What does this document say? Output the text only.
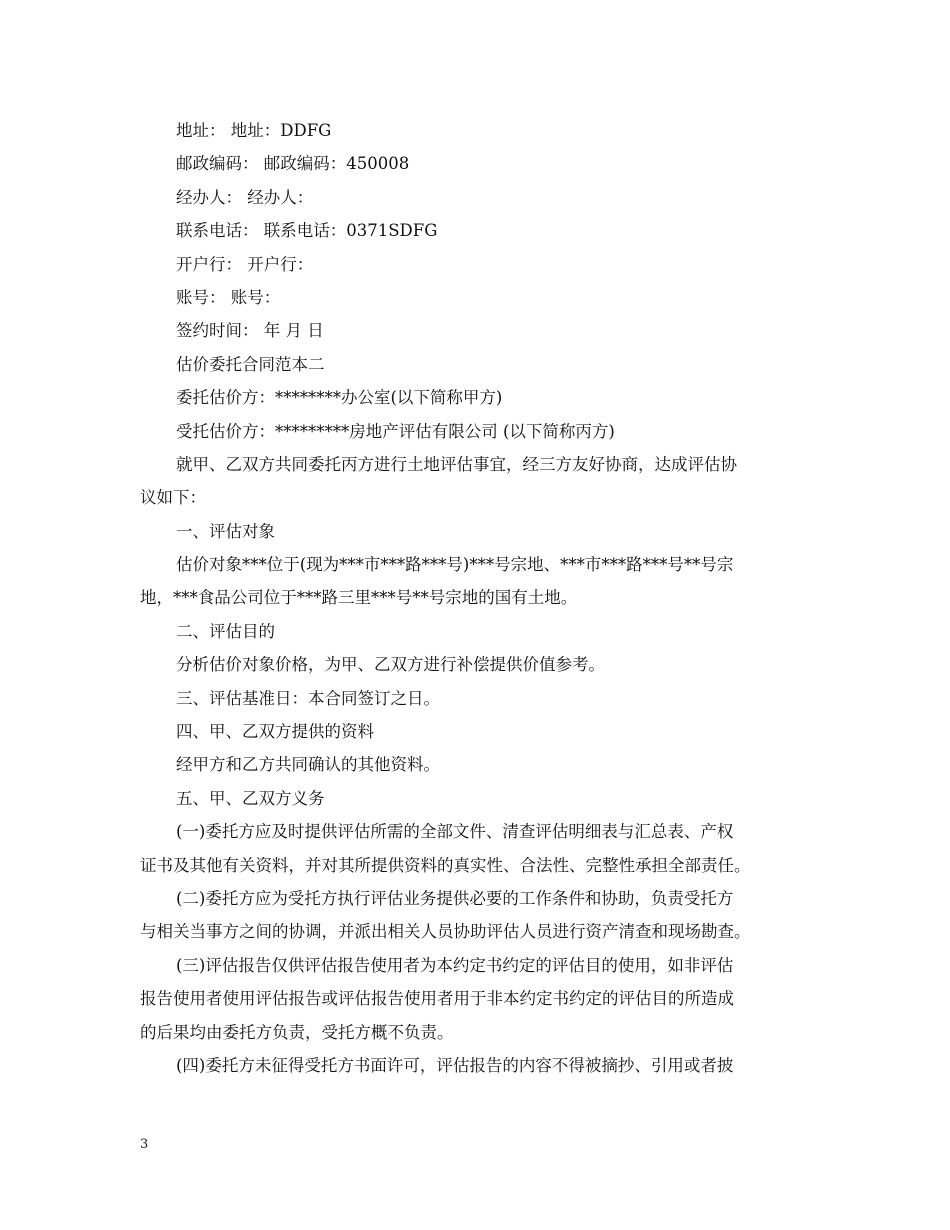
地址： 地址：DDFG
邮政编码： 邮政编码：450008
经办人： 经办人：
联系电话： 联系电话：0371SDFG
开户行： 开户行：
账号： 账号：
签约时间： 年 月 日
估价委托合同范本二
委托估价方：********办公室(以下简称甲方)
受托估价方：*********房地产评估有限公司 (以下简称丙方)
就甲、乙双方共同委托丙方进行土地评估事宜，经三方友好协商，达成评估协
议如下：
一、评估对象
估价对象***位于(现为***市***路***号)***号宗地、***市***路***号**号宗
地，***食品公司位于***路三里***号**号宗地的国有土地。
二、评估目的
分析估价对象价格，为甲、乙双方进行补偿提供价值参考。
三、评估基准日：本合同签订之日。
四、甲、乙双方提供的资料
经甲方和乙方共同确认的其他资料。
五、甲、乙双方义务
(一)委托方应及时提供评估所需的全部文件、清查评估明细表与汇总表、产权
证书及其他有关资料，并对其所提供资料的真实性、合法性、完整性承担全部责任。
(二)委托方应为受托方执行评估业务提供必要的工作条件和协助，负责受托方
与相关当事方之间的协调，并派出相关人员协助评估人员进行资产清查和现场勘查。
(三)评估报告仅供评估报告使用者为本约定书约定的评估目的使用，如非评估
报告使用者使用评估报告或评估报告使用者用于非本约定书约定的评估目的所造成
的后果均由委托方负责，受托方概不负责。
(四)委托方未征得受托方书面许可，评估报告的内容不得被摘抄、引用或者披
3
